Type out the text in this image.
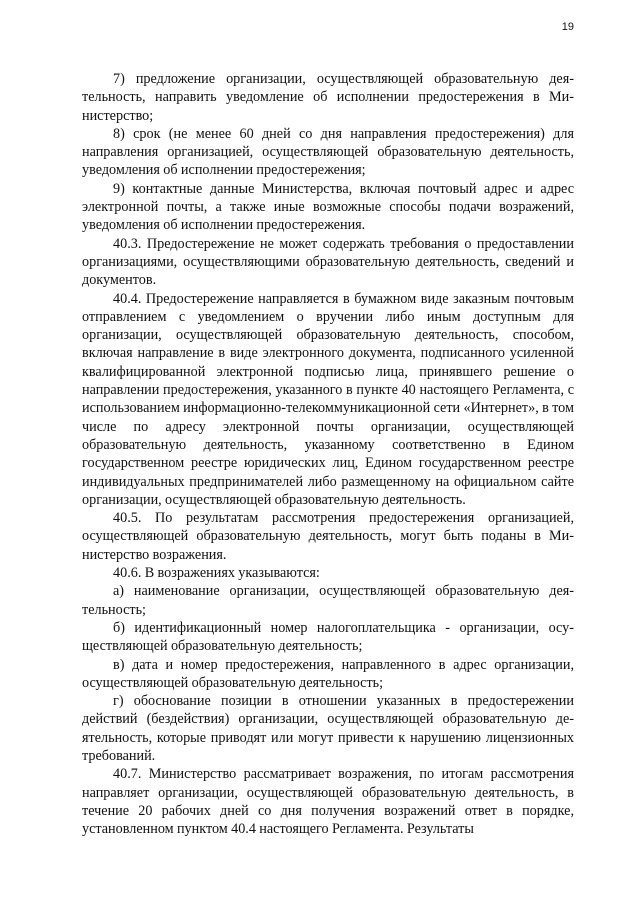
19

7) предложение организации, осуществляющей образовательную деятельность, направить уведомление об исполнении предостережения в Министерство;

8) срок (не менее 60 дней со дня направления предостережения) для направления организацией, осуществляющей образовательную деятельность, уведомления об исполнении предостережения;

9) контактные данные Министерства, включая почтовый адрес и адрес электронной почты, а также иные возможные способы подачи возражений, уведомления об исполнении предостережения.

40.3. Предостережение не может содержать требования о предоставлении организациями, осуществляющими образовательную деятельность, сведений и документов.

40.4. Предостережение направляется в бумажном виде заказным почтовым отправлением с уведомлением о вручении либо иным доступным для организации, осуществляющей образовательную деятельность, способом, включая направление в виде электронного документа, подписанного усиленной квалифицированной электронной подписью лица, принявшего решение о направлении предостережения, указанного в пункте 40 настоящего Регламента, с использованием информационно-телекоммуникационной сети «Интернет», в том числе по адресу электронной почты организации, осуществляющей образовательную деятельность, указанному соответственно в Едином государственном реестре юридических лиц, Едином государственном реестре индивидуальных предпринимателей либо размещенному на официальном сайте организации, осуществляющей образовательную деятельность.

40.5. По результатам рассмотрения предостережения организацией, осуществляющей образовательную деятельность, могут быть поданы в Министерство возражения.

40.6. В возражениях указываются:

а) наименование организации, осуществляющей образовательную деятельность;

б) идентификационный номер налогоплательщика - организации, осуществляющей образовательную деятельность;

в) дата и номер предостережения, направленного в адрес организации, осуществляющей образовательную деятельность;

г) обоснование позиции в отношении указанных в предостережении действий (бездействия) организации, осуществляющей образовательную деятельность, которые приводят или могут привести к нарушению лицензионных требований.

40.7. Министерство рассматривает возражения, по итогам рассмотрения направляет организации, осуществляющей образовательную деятельность, в течение 20 рабочих дней со дня получения возражений ответ в порядке, установленном пунктом 40.4 настоящего Регламента. Результаты
